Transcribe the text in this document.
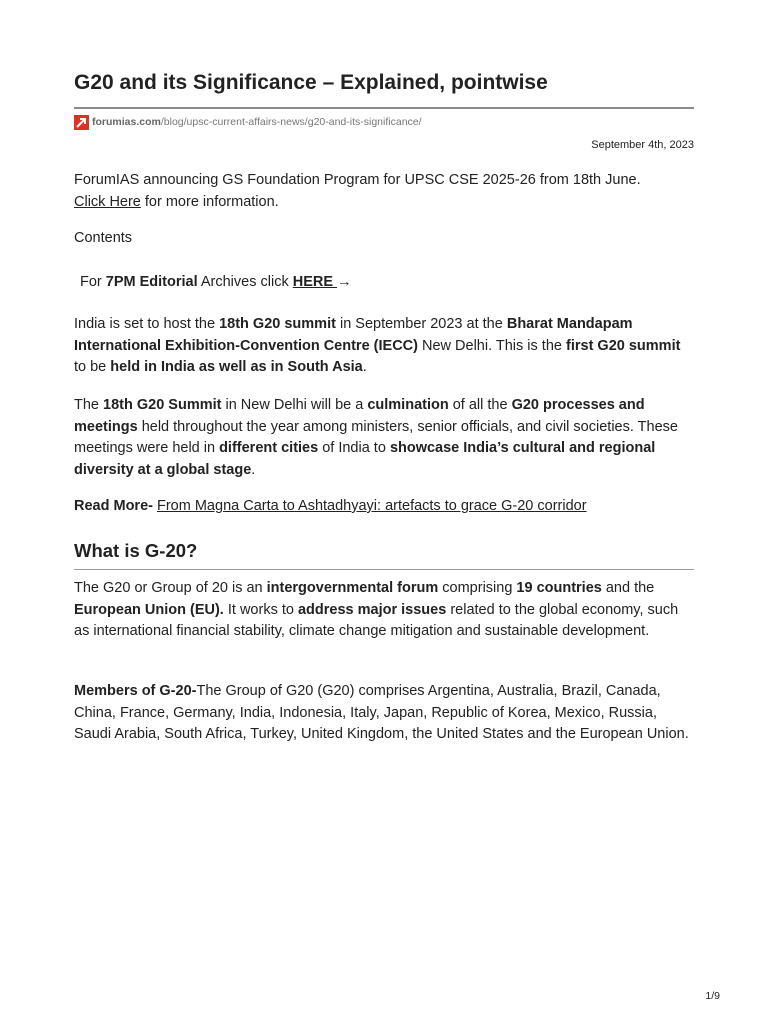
G20 and its Significance – Explained, pointwise
forumias.com /blog/upsc-current-affairs-news/g20-and-its-significance/
September 4th, 2023

ForumIAS announcing GS Foundation Program for UPSC CSE 2025-26 from 18th June.
Click Here for more information.

Contents

For 7PM Editorial Archives click HERE →

India is set to host the 18th G20 summit in September 2023 at the Bharat Mandapam International Exhibition-Convention Centre (IECC) New Delhi. This is the first G20 summit to be held in India as well as in South Asia.

The 18th G20 Summit in New Delhi will be a culmination of all the G20 processes and meetings held throughout the year among ministers, senior officials, and civil societies. These meetings were held in different cities of India to showcase India’s cultural and regional diversity at a global stage.

Read More- From Magna Carta to Ashtadhyayi: artefacts to grace G-20 corridor

What is G-20?

The G20 or Group of 20 is an intergovernmental forum comprising 19 countries and the European Union (EU). It works to address major issues related to the global economy, such as international financial stability, climate change mitigation and sustainable development.

Members of G-20-The Group of G20 (G20) comprises Argentina, Australia, Brazil, Canada, China, France, Germany, India, Indonesia, Italy, Japan, Republic of Korea, Mexico, Russia, Saudi Arabia, South Africa, Turkey, United Kingdom, the United States and the European Union.

1/9
